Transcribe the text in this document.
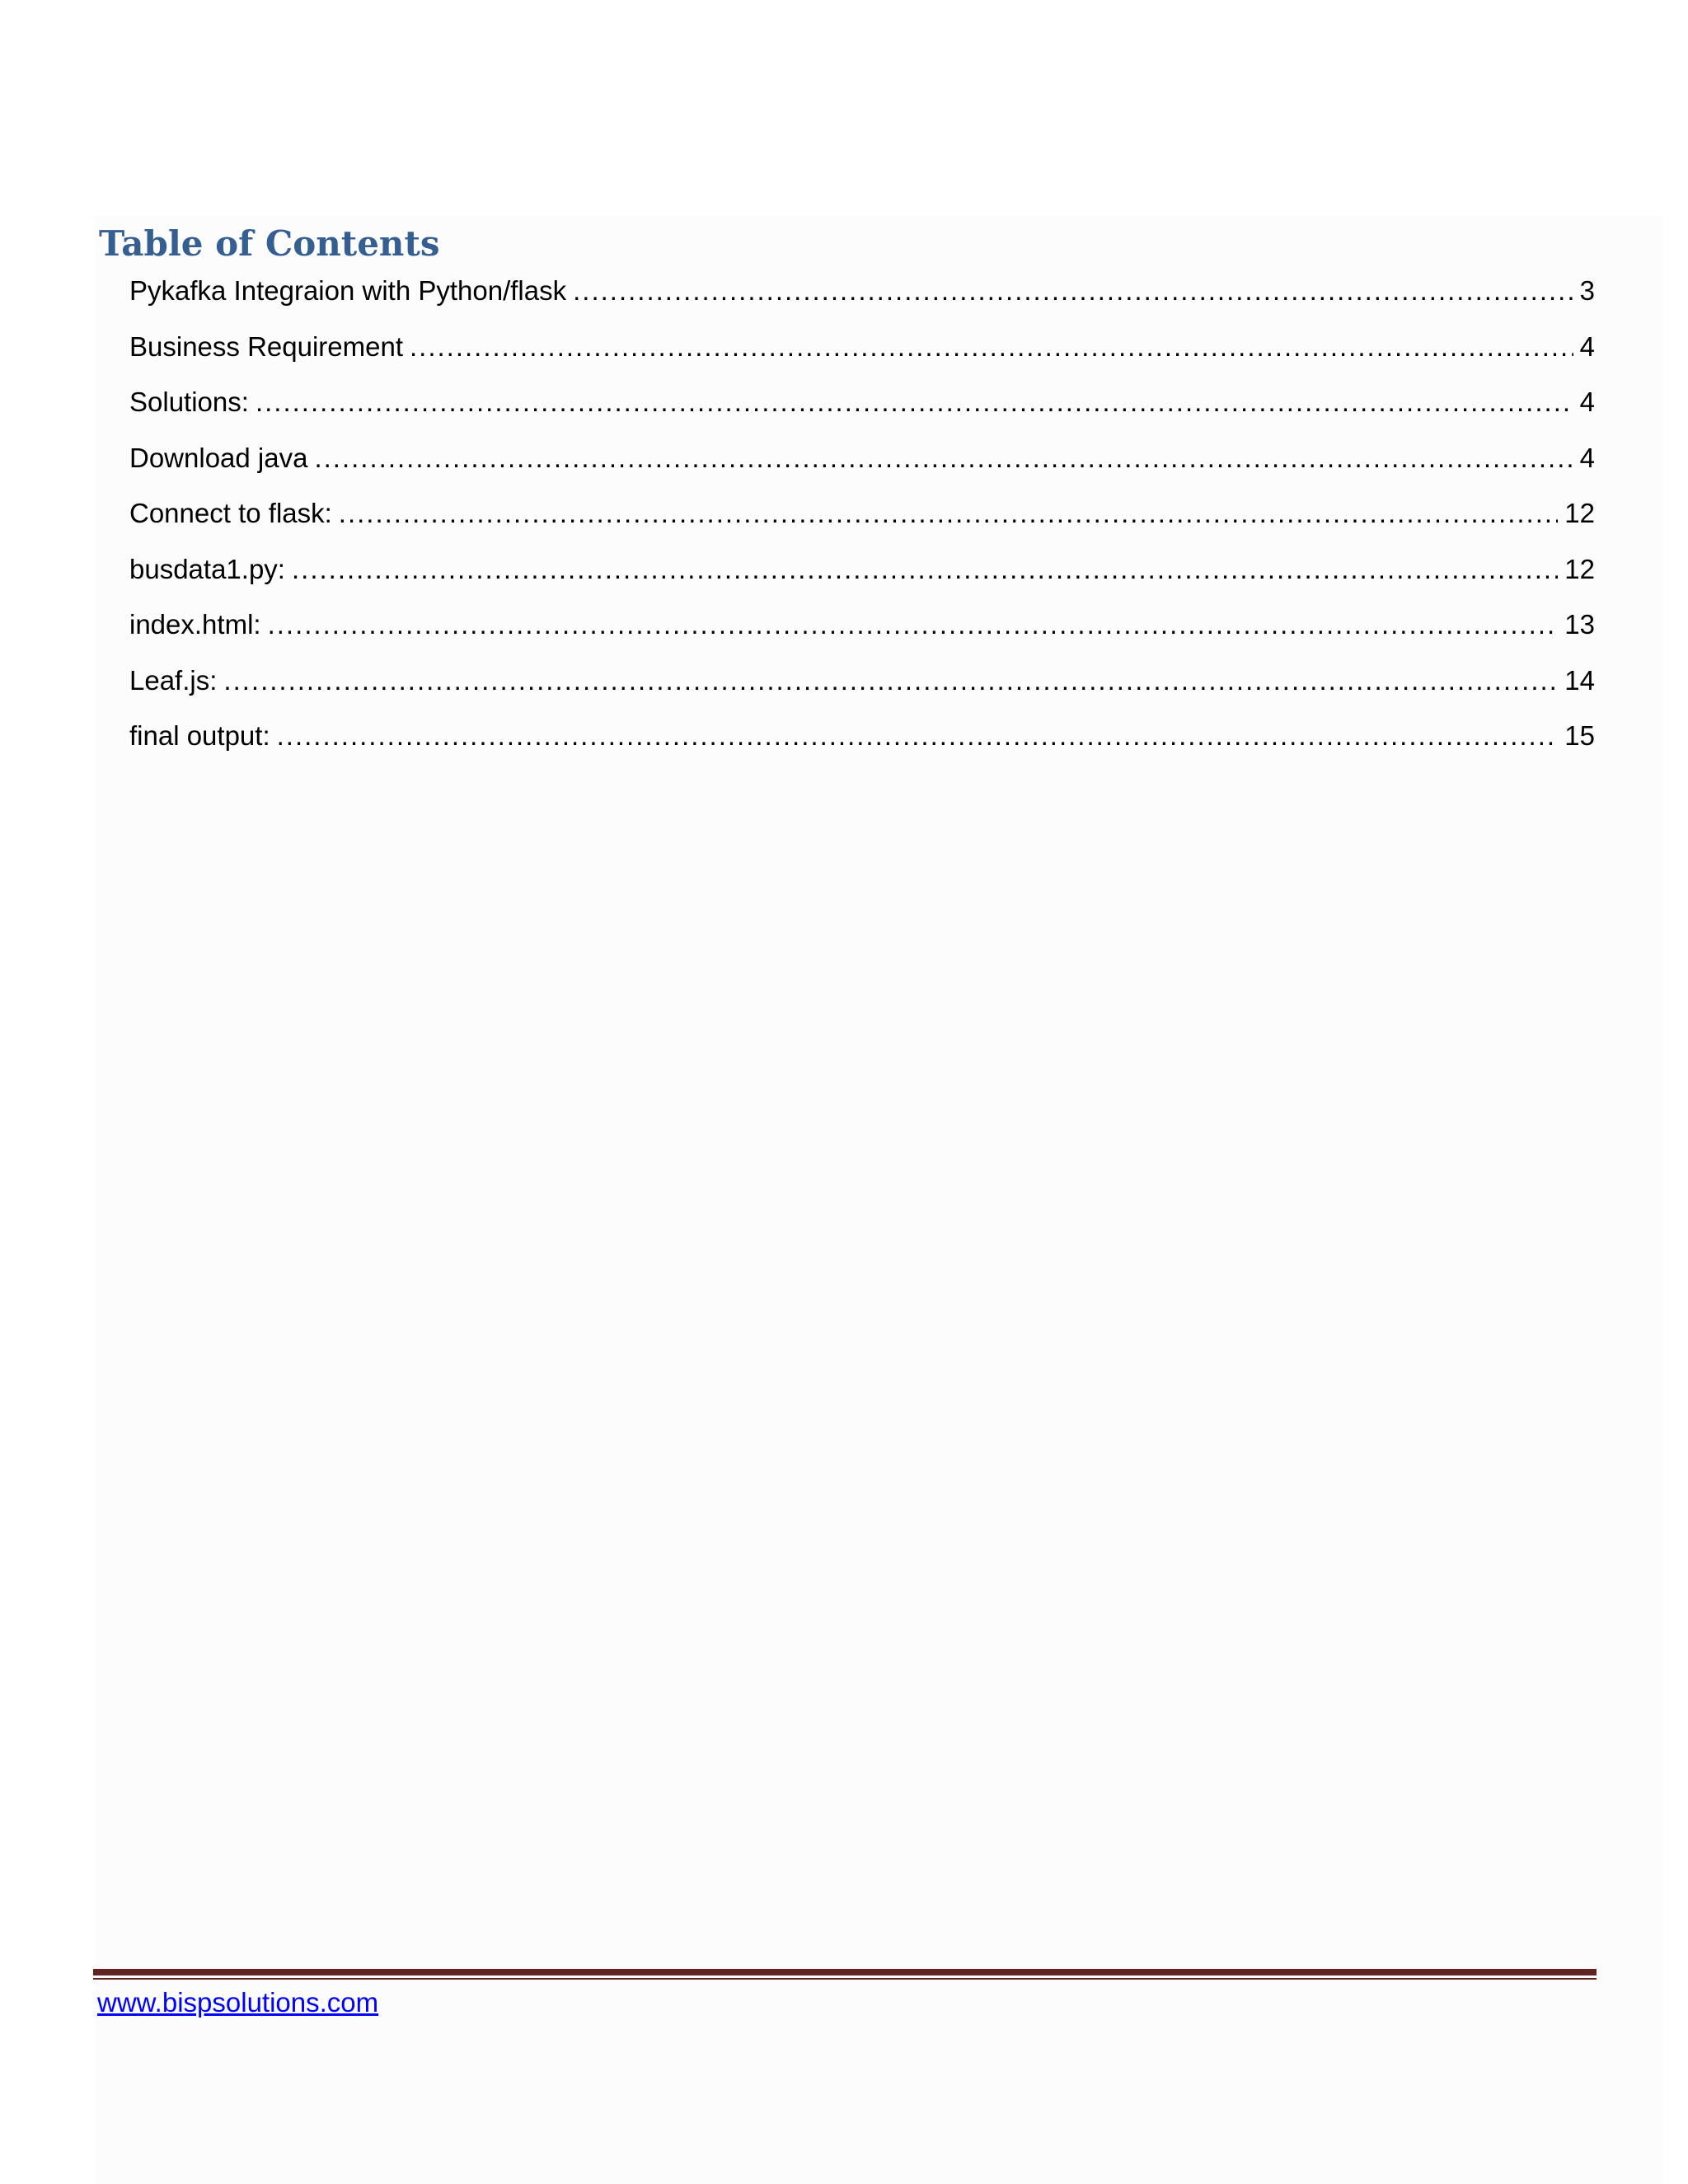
Table of Contents
Pykafka Integraion with Python/flask .....	3
Business Requirement .....	4
Solutions: .....	4
Download java .....	4
Connect to flask: .....	12
busdata1.py: .....	12
index.html: .....	13
Leaf.js: .....	14
final output: .....	15
www.bispsolutions.com
